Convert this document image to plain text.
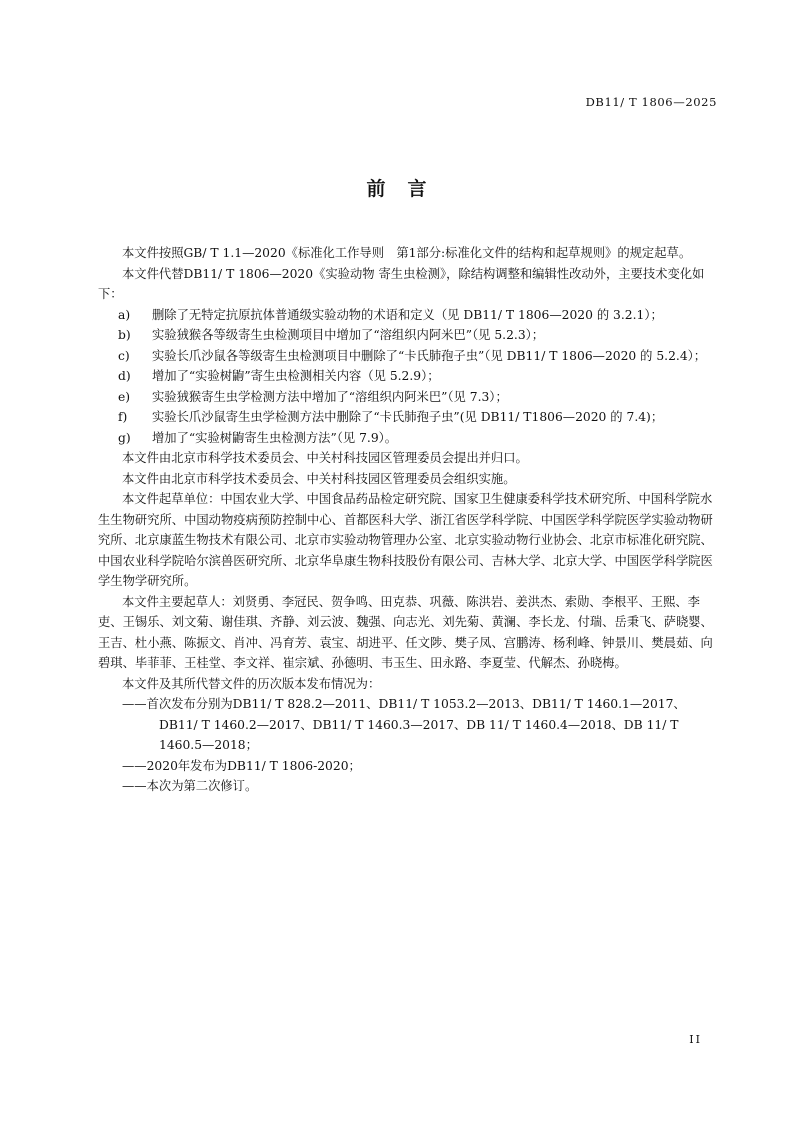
DB11/ T 1806—2025
前言

本文件按照GB/ T 1.1—2020《标准化工作导则　第1部分:标准化文件的结构和起草规则》的规定起草。

本文件代替DB11/ T 1806—2020《实验动物 寄生虫检测》，除结构调整和编辑性改动外，主要技术变化如下：

a)	删除了无特定抗原抗体普通级实验动物的术语和定义（见 DB11/ T 1806—2020 的 3.2.1）；
b)	实验狨猴各等级寄生虫检测项目中增加了“溶组织内阿米巴”（见 5.2.3）；
c)	实验长爪沙鼠各等级寄生虫检测项目中删除了“卡氏肺孢子虫”（见 DB11/ T 1806—2020 的 5.2.4）；
d)	增加了“实验树鼩”寄生虫检测相关内容（见 5.2.9）；
e)	实验狨猴寄生虫学检测方法中增加了“溶组织内阿米巴”（见 7.3）；
f)	实验长爪沙鼠寄生虫学检测方法中删除了“卡氏肺孢子虫”(见 DB11/ T1806—2020 的 7.4)；
g)	增加了“实验树鼩寄生虫检测方法”（见 7.9）。

本文件由北京市科学技术委员会、中关村科技园区管理委员会提出并归口。

本文件由北京市科学技术委员会、中关村科技园区管理委员会组织实施。

本文件起草单位：中国农业大学、中国食品药品检定研究院、国家卫生健康委科学技术研究所、中国科学院水生生物研究所、中国动物疫病预防控制中心、首都医科大学、浙江省医学科学院、中国医学科学院医学实验动物研究所、北京康蓝生物技术有限公司、北京市实验动物管理办公室、北京实验动物行业协会、北京市标准化研究院、中国农业科学院哈尔滨兽医研究所、北京华阜康生物科技股份有限公司、吉林大学、北京大学、中国医学科学院医学生物学研究所。

本文件主要起草人：刘贤勇、李冠民、贺争鸣、田克恭、巩薇、陈洪岩、姜洪杰、索勋、李根平、王熙、李吏、王锡乐、刘文菊、谢佳琪、齐静、刘云波、魏强、向志光、刘先菊、黄澜、李长龙、付瑞、岳秉飞、萨晓婴、王吉、杜小燕、陈振文、肖冲、冯育芳、袁宝、胡进平、任文陟、樊子凤、宫鹏涛、杨利峰、钟景川、樊晨茹、向碧琪、毕菲菲、王桂堂、李文祥、崔宗斌、孙德明、韦玉生、田永路、李夏莹、代解杰、孙晓梅。

本文件及其所代替文件的历次版本发布情况为：

——首次发布分别为DB11/ T 828.2—2011、DB11/ T 1053.2—2013、DB11/ T 1460.1—2017、DB11/ T 1460.2—2017、DB11/ T 1460.3—2017、DB 11/ T 1460.4—2018、DB 11/ T 1460.5—2018；

——2020年发布为DB11/ T 1806-2020；

——本次为第二次修订。

II
